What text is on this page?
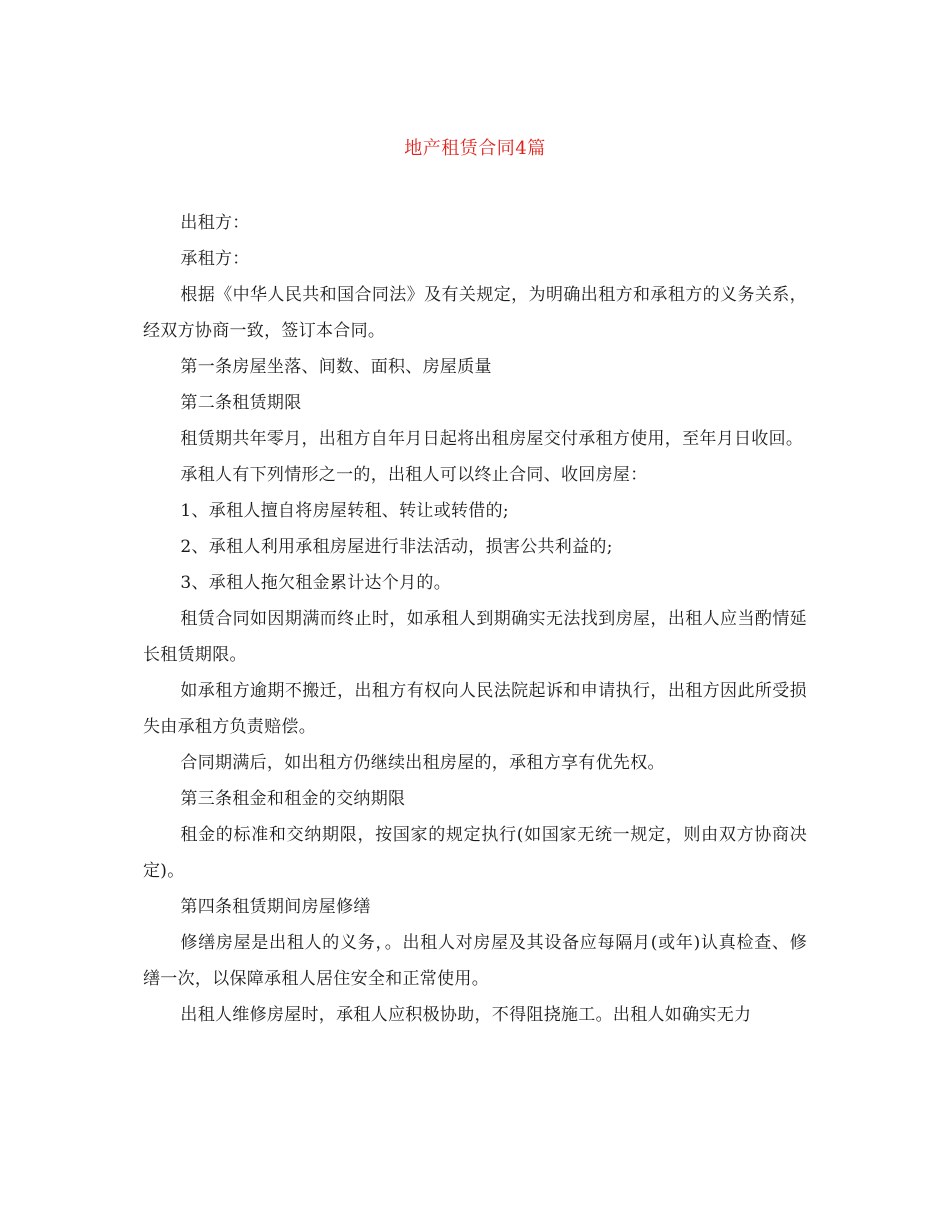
地产租赁合同4篇

出租方：

承租方：

根据《中华人民共和国合同法》及有关规定，为明确出租方和承租方的义务关系，经双方协商一致，签订本合同。

第一条房屋坐落、间数、面积、房屋质量

第二条租赁期限

租赁期共年零月，出租方自年月日起将出租房屋交付承租方使用，至年月日收回。

承租人有下列情形之一的，出租人可以终止合同、收回房屋：

1、承租人擅自将房屋转租、转让或转借的;

2、承租人利用承租房屋进行非法活动，损害公共利益的;

3、承租人拖欠租金累计达个月的。

租赁合同如因期满而终止时，如承租人到期确实无法找到房屋，出租人应当酌情延长租赁期限。

如承租方逾期不搬迁，出租方有权向人民法院起诉和申请执行，出租方因此所受损失由承租方负责赔偿。

合同期满后，如出租方仍继续出租房屋的，承租方享有优先权。

第三条租金和租金的交纳期限

租金的标准和交纳期限，按国家的规定执行(如国家无统一规定，则由双方协商决定)。

第四条租赁期间房屋修缮

修缮房屋是出租人的义务，。出租人对房屋及其设备应每隔月(或年)认真检查、修缮一次，以保障承租人居住安全和正常使用。

出租人维修房屋时，承租人应积极协助，不得阻挠施工。出租人如确实无力
